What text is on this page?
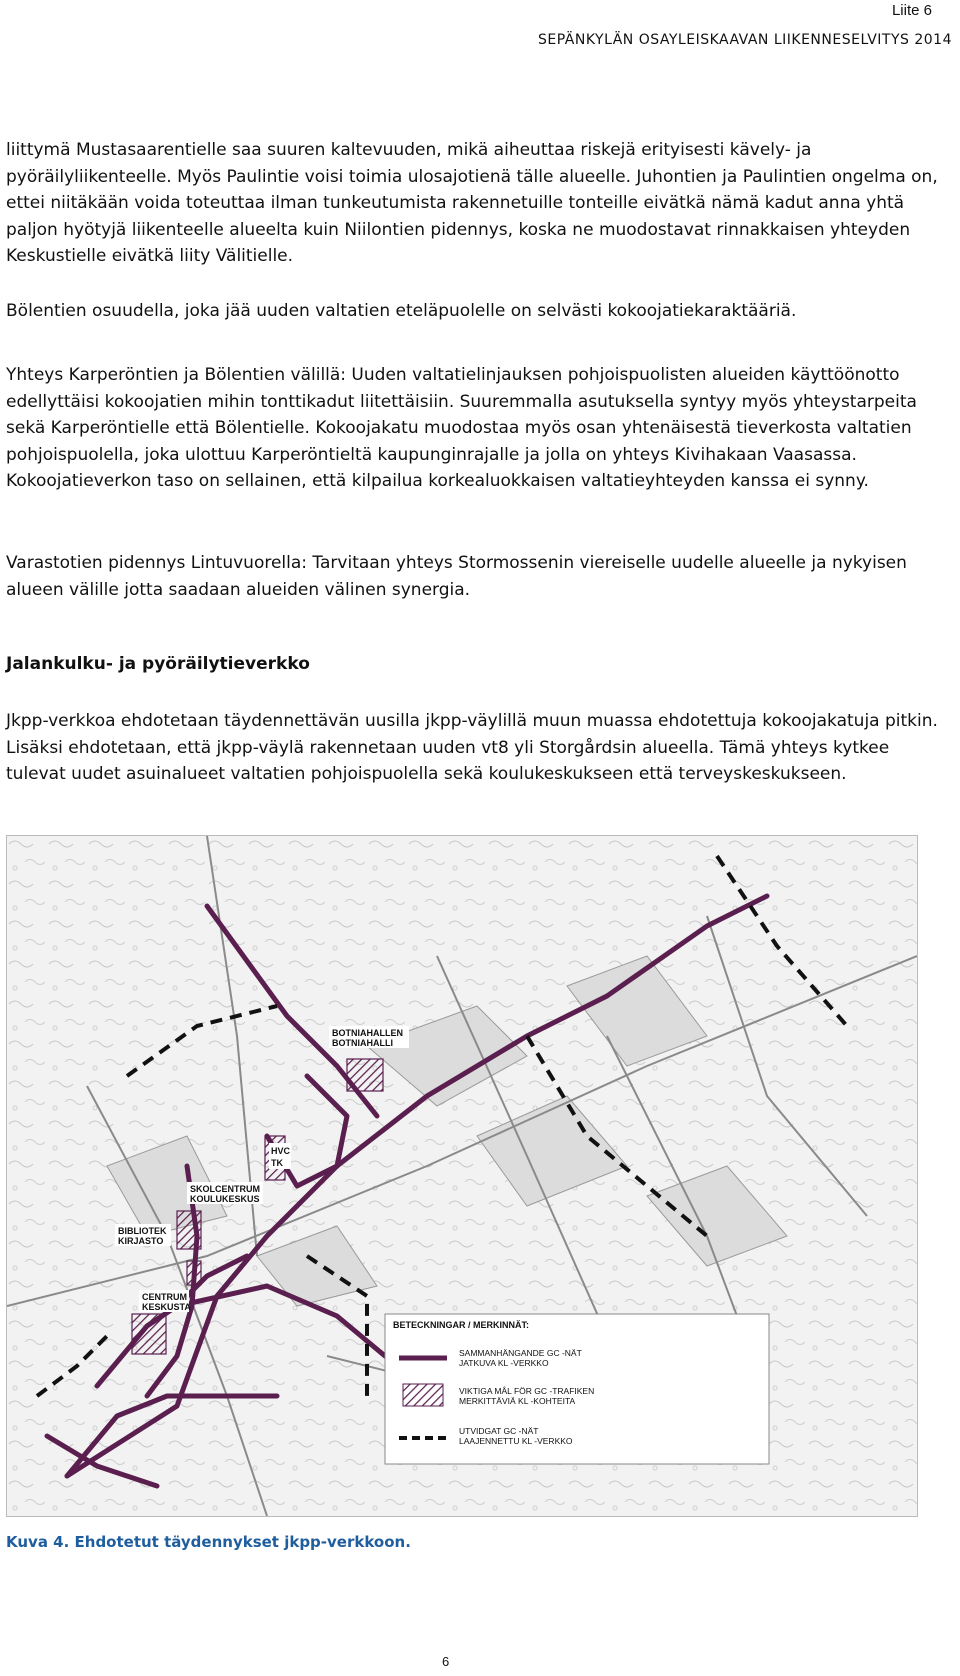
Liite 6
SEPÄNKYLÄN OSAYLEISKAAVAN LIIKENNESELVITYS 2014

liittymä Mustasaarentielle saa suuren kaltevuuden, mikä aiheuttaa riskejä erityisesti kävely- ja pyöräilyliikenteelle. Myös Paulintie voisi toimia ulosajotienä tälle alueelle. Juhontien ja Paulintien ongelma on, ettei niitäkään voida toteuttaa ilman tunkeutumista rakennetuille tonteille eivätkä nämä kadut anna yhtä paljon hyötyjä liikenteelle alueelta kuin Niilontien pidennys, koska ne muodostavat rinnakkaisen yhteyden Keskustielle eivätkä liity Välitielle.

Bölentien osuudella, joka jää uuden valtatien eteläpuolelle on selvästi kokoojatiekaraktääriä.

Yhteys Karperöntien ja Bölentien välillä: Uuden valtatielinjauksen pohjoispuolisten alueiden käyttöönotto edellyttäisi kokoojatien mihin tonttikadut liitettäisiin. Suuremmalla asutuksella syntyy myös yhteystarpeita sekä Karperöntielle että Bölentielle. Kokoojakatu muodostaa myös osan yhtenäisestä tieverkosta valtatien pohjoispuolella, joka ulottuu Karperöntieltä kaupunginrajalle ja jolla on yhteys Kivihakaan Vaasassa. Kokoojatieverkon taso on sellainen, että kilpailua korkealuokkaisen valtatieyhteyden kanssa ei synny.

Varastotien pidennys Lintuvuorella: Tarvitaan yhteys Stormossenin viereiselle uudelle alueelle ja nykyisen alueen välille jotta saadaan alueiden välinen synergia.

Jalankulku- ja pyöräilytieverkko

Jkpp-verkkoa ehdotetaan täydennettävän uusilla jkpp-väylillä muun muassa ehdotettuja kokoojakatuja pitkin. Lisäksi ehdotetaan, että jkpp-väylä rakennetaan uuden vt8 yli Storgårdsin alueella. Tämä yhteys kytkee tulevat uudet asuinalueet valtatien pohjoispuolella sekä koulukeskukseen että terveyskeskukseen.

BOTNIAHALLEN
BOTNIAHALLI
HVC
TK
SKOLCENTRUM
KOULUKESKUS
BIBLIOTEK
KIRJASTO
CENTRUM
KESKUSTA
BETECKNINGAR / MERKINNÄT:
SAMMANHÄNGANDE GC -NÄT
JATKUVA KL -VERKKO
VIKTIGA MÅL FÖR GC -TRAFIKEN
MERKITTÄVIÄ KL -KOHTEITA
UTVIDGAT GC -NÄT
LAAJENNETTU KL -VERKKO

Kuva 4. Ehdotetut täydennykset jkpp-verkkoon.

6
